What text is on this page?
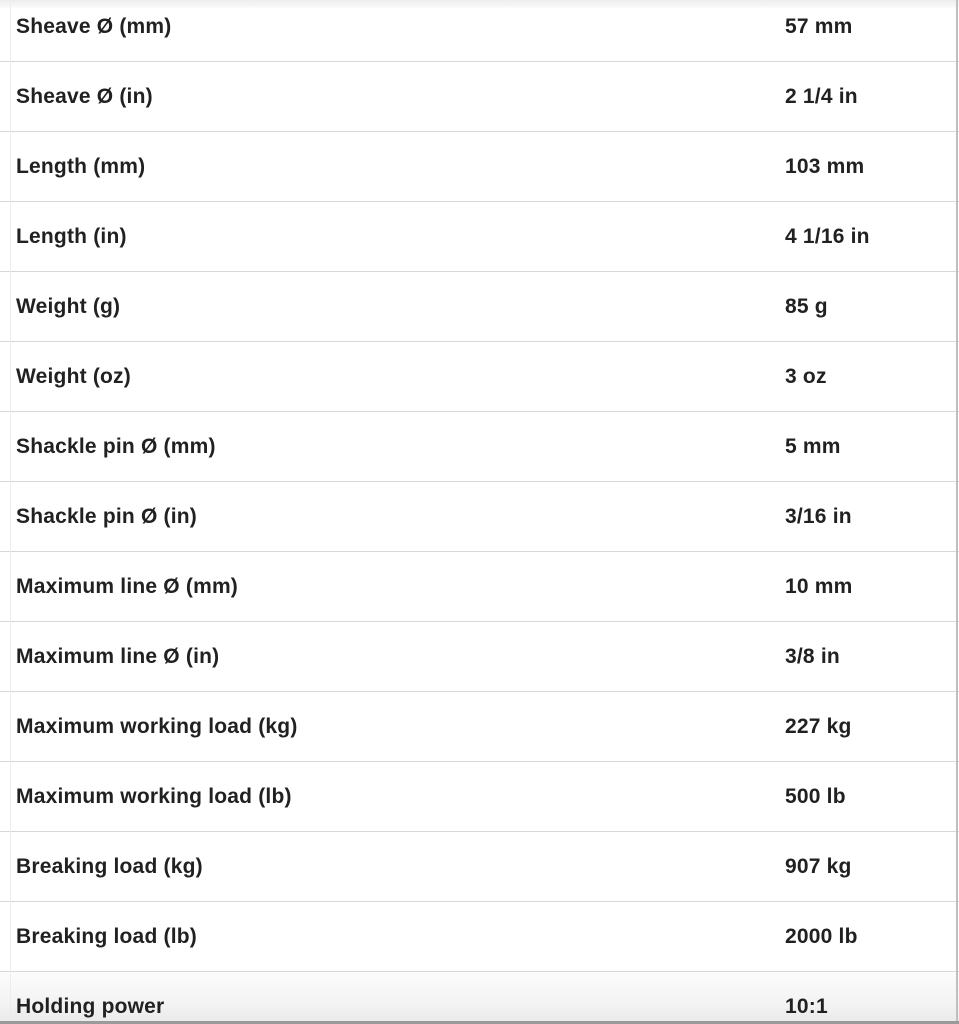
Sheave Ø (mm)	57 mm
Sheave Ø (in)	2 1/4 in
Length (mm)	103 mm
Length (in)	4 1/16 in
Weight (g)	85 g
Weight (oz)	3 oz
Shackle pin Ø (mm)	5 mm
Shackle pin Ø (in)	3/16 in
Maximum line Ø (mm)	10 mm
Maximum line Ø (in)	3/8 in
Maximum working load (kg)	227 kg
Maximum working load (lb)	500 lb
Breaking load (kg)	907 kg
Breaking load (lb)	2000 lb
Holding power	10:1
